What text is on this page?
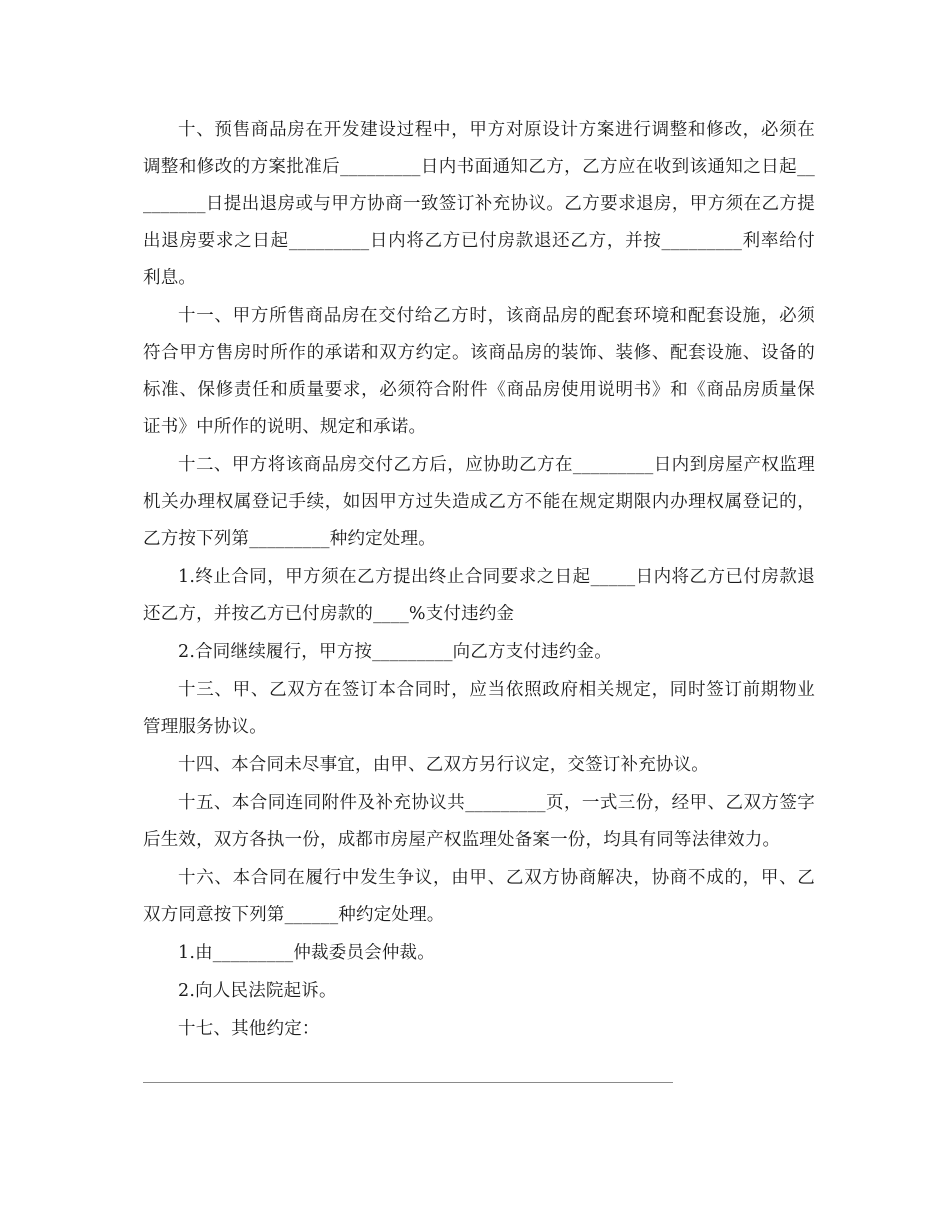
十、预售商品房在开发建设过程中，甲方对原设计方案进行调整和修改，必须在调整和修改的方案批准后_________日内书面通知乙方，乙方应在收到该通知之日起_________日提出退房或与甲方协商一致签订补充协议。乙方要求退房，甲方须在乙方提出退房要求之日起_________日内将乙方已付房款退还乙方，并按_________利率给付利息。

十一、甲方所售商品房在交付给乙方时，该商品房的配套环境和配套设施，必须符合甲方售房时所作的承诺和双方约定。该商品房的装饰、装修、配套设施、设备的标准、保修责任和质量要求，必须符合附件《商品房使用说明书》和《商品房质量保证书》中所作的说明、规定和承诺。

十二、甲方将该商品房交付乙方后，应协助乙方在_________日内到房屋产权监理机关办理权属登记手续，如因甲方过失造成乙方不能在规定期限内办理权属登记的，乙方按下列第_________种约定处理。

1.终止合同，甲方须在乙方提出终止合同要求之日起_____日内将乙方已付房款退还乙方，并按乙方已付房款的____%支付违约金

2.合同继续履行，甲方按_________向乙方支付违约金。

十三、甲、乙双方在签订本合同时，应当依照政府相关规定，同时签订前期物业管理服务协议。

十四、本合同未尽事宜，由甲、乙双方另行议定，交签订补充协议。

十五、本合同连同附件及补充协议共_________页，一式三份，经甲、乙双方签字后生效，双方各执一份，成都市房屋产权监理处备案一份，均具有同等法律效力。

十六、本合同在履行中发生争议，由甲、乙双方协商解决，协商不成的，甲、乙双方同意按下列第______种约定处理。

1.由_________仲裁委员会仲裁。

2.向人民法院起诉。

十七、其他约定：
